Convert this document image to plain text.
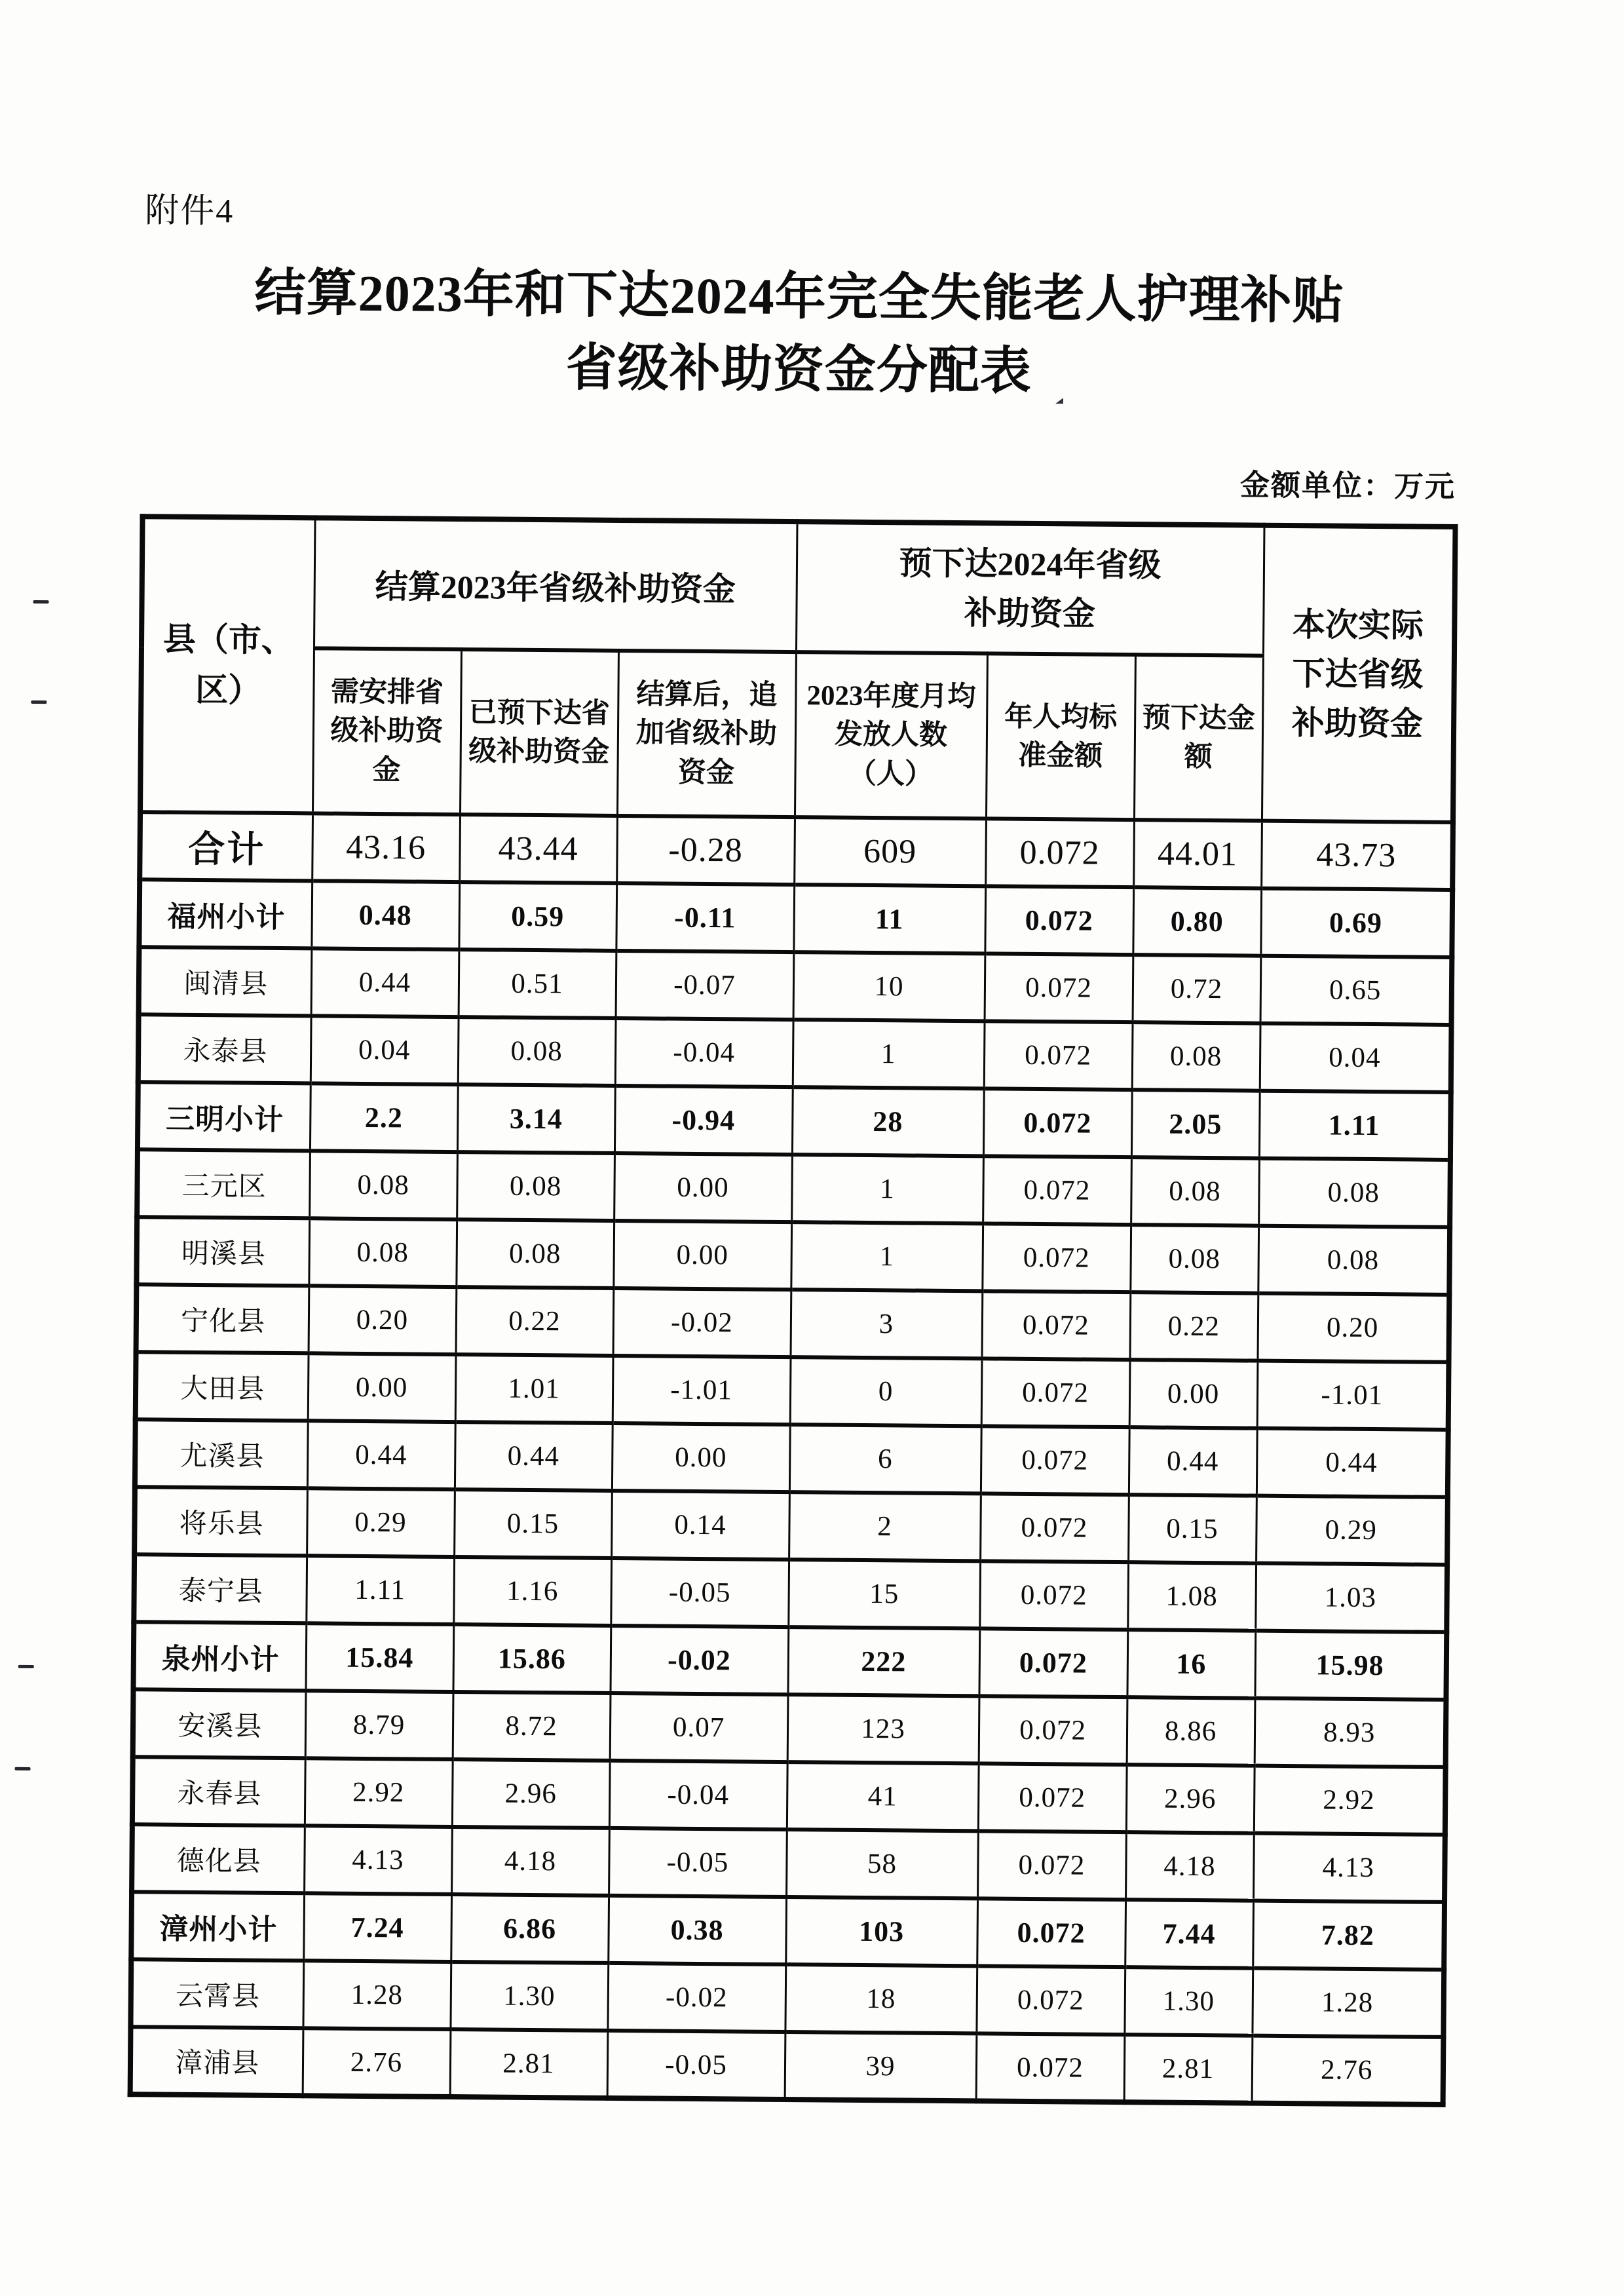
附件4
结算2023年和下达2024年完全失能老人护理补贴
省级补助资金分配表
金额单位：万元
县（市、区）	结算2023年省级补助资金			预下达2024年省级补助资金			本次实际下达省级补助资金
	需安排省级补助资金	已预下达省级补助资金	结算后，追加省级补助资金	2023年度月均发放人数（人）	年人均标准金额	预下达金额	
合计	43.16	43.44	-0.28	609	0.072	44.01	43.73
福州小计	0.48	0.59	-0.11	11	0.072	0.80	0.69
闽清县	0.44	0.51	-0.07	10	0.072	0.72	0.65
永泰县	0.04	0.08	-0.04	1	0.072	0.08	0.04
三明小计	2.2	3.14	-0.94	28	0.072	2.05	1.11
三元区	0.08	0.08	0.00	1	0.072	0.08	0.08
明溪县	0.08	0.08	0.00	1	0.072	0.08	0.08
宁化县	0.20	0.22	-0.02	3	0.072	0.22	0.20
大田县	0.00	1.01	-1.01	0	0.072	0.00	-1.01
尤溪县	0.44	0.44	0.00	6	0.072	0.44	0.44
将乐县	0.29	0.15	0.14	2	0.072	0.15	0.29
泰宁县	1.11	1.16	-0.05	15	0.072	1.08	1.03
泉州小计	15.84	15.86	-0.02	222	0.072	16	15.98
安溪县	8.79	8.72	0.07	123	0.072	8.86	8.93
永春县	2.92	2.96	-0.04	41	0.072	2.96	2.92
德化县	4.13	4.18	-0.05	58	0.072	4.18	4.13
漳州小计	7.24	6.86	0.38	103	0.072	7.44	7.82
云霄县	1.28	1.30	-0.02	18	0.072	1.30	1.28
漳浦县	2.76	2.81	-0.05	39	0.072	2.81	2.76
